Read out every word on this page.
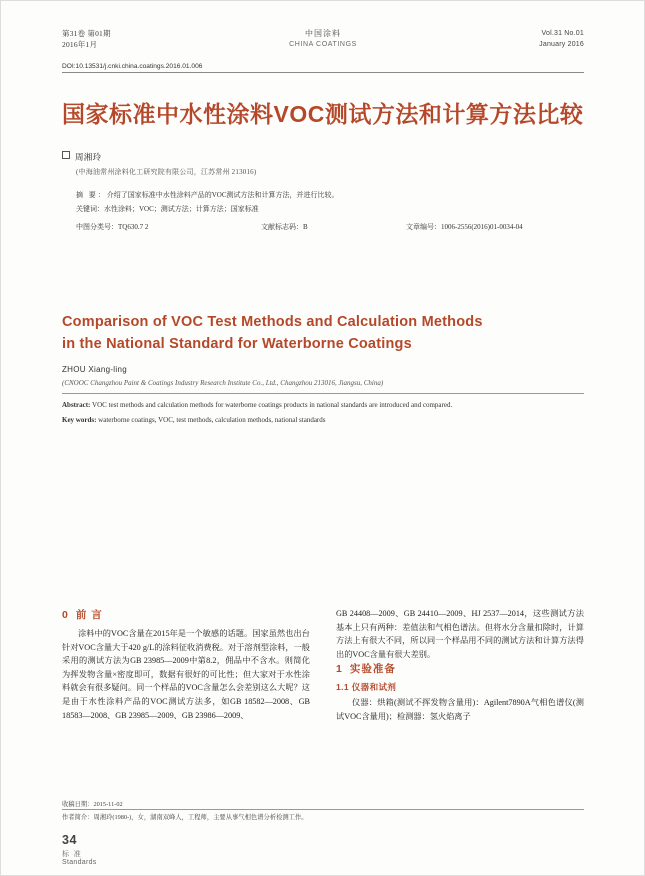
第31卷 第01期
2016年1月
中国涂料
CHINA COATINGS
Vol.31 No.01
January 2016
DOI:10.13531/j.cnki.china.coatings.2016.01.006
国家标准中水性涂料VOC测试方法和计算方法比较
周湘玲
(中海油常州涂料化工研究院有限公司，江苏常州 213016)
摘 要：介绍了国家标准中水性涂料产品的VOC测试方法和计算方法，并进行比较。
关键词：水性涂料；VOC；测试方法；计算方法；国家标准
中图分类号：TQ630.7 2	文献标志码：B	文章编号：1006-2556(2016)01-0034-04
Comparison of VOC Test Methods and Calculation Methods
in the National Standard for Waterborne Coatings
ZHOU Xiang-ling
(CNOOC Changzhou Paint & Coatings Industry Research Institute Co., Ltd., Changzhou 213016, Jiangsu, China)
Abstract: VOC test methods and calculation methods for waterborne coatings products in national standards are introduced and compared.
Key words: waterborne coatings, VOC, test methods, calculation methods, national standards
0 前 言
涂料中的VOC含量在2015年是一个敏感的话题。国家虽然也出台针对VOC含量大于420 g/L的涂料征收消费税。对于溶剂型涂料，一般采用的测试方法为GB 23985—2009中第8.2，佣品中不含水。则简化为挥发物含量×密度即可，数据有很好的可比性；但大家对于水性涂料就会有很多疑问。同一个样品的VOC含量怎么会差别这么大呢？这是由于水性涂料产品的VOC测试方法多，如GB 18582—2008、GB 18583—2008、GB 23985—2009、GB 23986—2009、
GB 24408—2009、GB 24410—2009、HJ 2537—2014，这些测试方法基本上只有两种：差值法和气相色谱法。但将水分含量扣除时，计算方法上有很大不同，所以同一个样品用不同的测试方法和计算方法得出的VOC含量有很大差别。
1 实验准备
1.1 仪器和试剂
仪器：烘箱(测试不挥发物含量用)：Agilent7890A气相色谱仪(测试VOC含量用)；检测器：氢火焰离子
收稿日期：2015-11-02
作者简介：周湘玲(1980-)，女，湖南双峰人，工程师，主要从事气相色谱分析检测工作。
34
标 准
Standards
